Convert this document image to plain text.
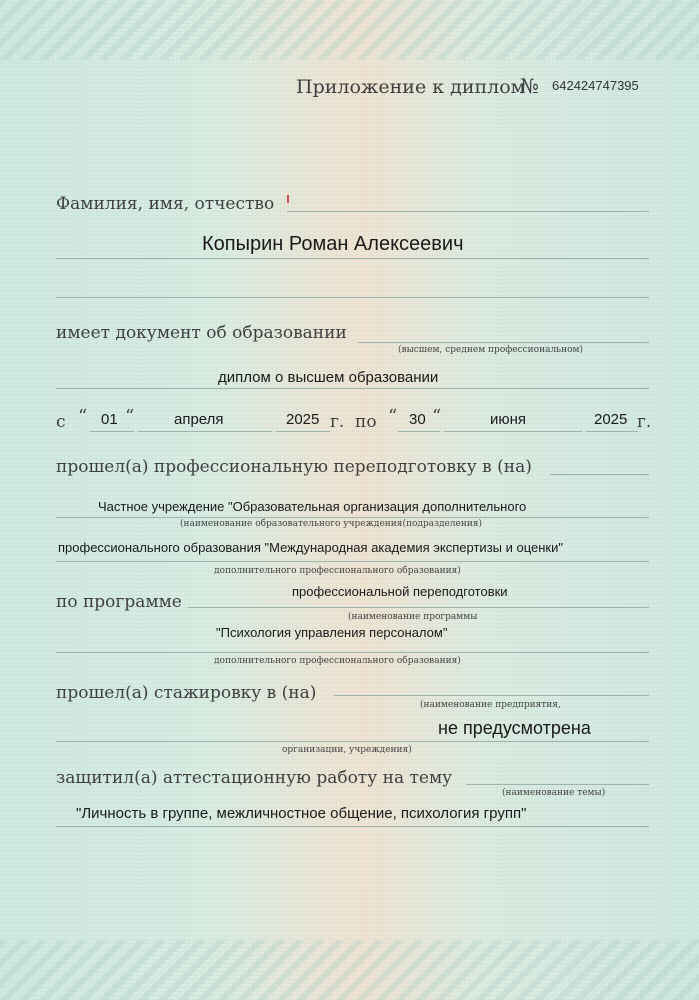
Приложение к диплом
№ 642424747395
Фамилия, имя, отчество
Копырин Роман Алексеевич
имеет документ об образовании
(высшем, среднем профессиональном)
диплом о высшем образовании
с “ 01 “	апреля	2025 г. по “ 30 “	июня	2025 г.
прошел(а) профессиональную переподготовку в (на)
Частное учреждение "Образовательная организация дополнительного
(наименование образовательного учреждения(подразделения)
профессионального образования "Международная академия экспертизы и оценки"
дополнительного профессионального образования)
по программе
профессиональной переподготовки
(наименование программы
"Психология управления персоналом"
дополнительного профессионального образования)
прошел(а) стажировку в (на)
(наименование предприятия,
не предусмотрена
организации, учреждения)
защитил(а) аттестационную работу на тему
(наименование темы)
"Личность в группе, межличностное общение, психология групп"
